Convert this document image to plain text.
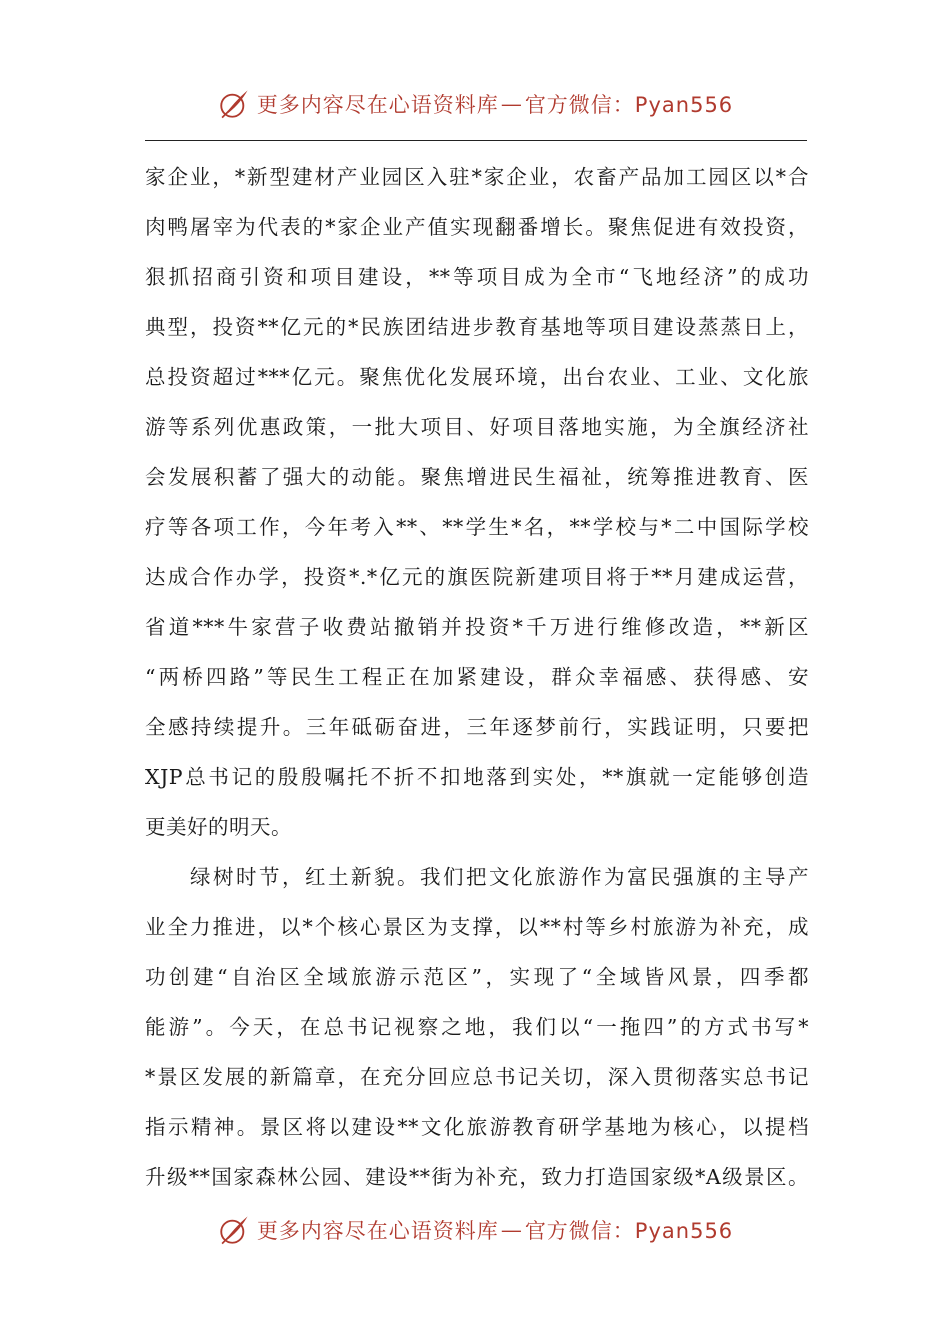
更多内容尽在心语资料库 — 官方微信：Pyan556
家企业，*新型建材产业园区入驻*家企业，农畜产品加工园区以*合
肉鸭屠宰为代表的*家企业产值实现翻番增长。聚焦促进有效投资，
狠抓招商引资和项目建设，**等项目成为全市“飞地经济”的成功
典型，投资**亿元的*民族团结进步教育基地等项目建设蒸蒸日上，
总投资超过***亿元。聚焦优化发展环境，出台农业、工业、文化旅
游等系列优惠政策，一批大项目、好项目落地实施，为全旗经济社
会发展积蓄了强大的动能。聚焦增进民生福祉，统筹推进教育、医
疗等各项工作，今年考入**、**学生*名，**学校与*二中国际学校
达成合作办学，投资*.*亿元的旗医院新建项目将于**月建成运营，
省道***牛家营子收费站撤销并投资*千万进行维修改造，**新区
“两桥四路”等民生工程正在加紧建设，群众幸福感、获得感、安
全感持续提升。三年砥砺奋进，三年逐梦前行，实践证明，只要把
XJP总书记的殷殷嘱托不折不扣地落到实处，**旗就一定能够创造
更美好的明天。
绿树时节，红土新貌。我们把文化旅游作为富民强旗的主导产
业全力推进，以*个核心景区为支撑，以**村等乡村旅游为补充，成
功创建“自治区全域旅游示范区”，实现了“全域皆风景，四季都
能游”。今天，在总书记视察之地，我们以“一拖四”的方式书写*
*景区发展的新篇章，在充分回应总书记关切，深入贯彻落实总书记
指示精神。景区将以建设**文化旅游教育研学基地为核心，以提档
升级**国家森林公园、建设**街为补充，致力打造国家级*A级景区。
更多内容尽在心语资料库 — 官方微信：Pyan556
